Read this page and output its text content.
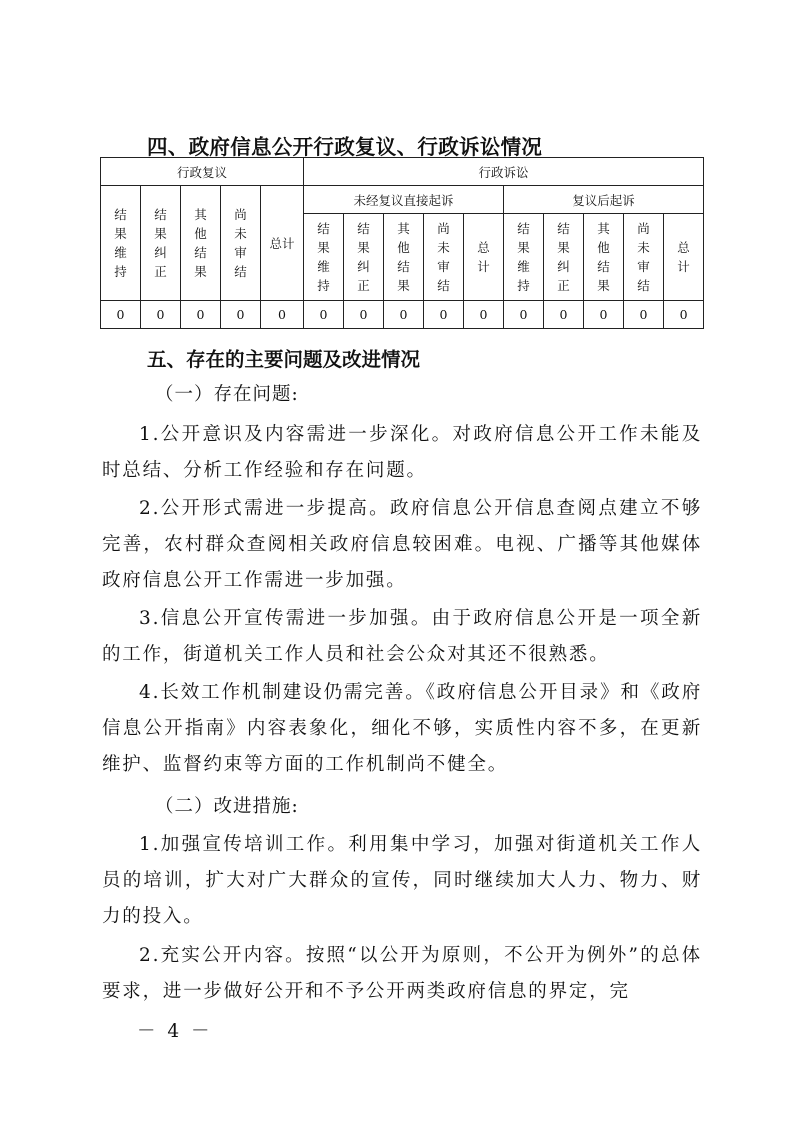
四、政府信息公开行政复议、行政诉讼情况
行政复议					行政诉讼									
结果维持	结果纠正	其他结果	尚未审结	总计	未经复议直接起诉					复议后起诉				
					结果维持	结果纠正	其他结果	尚未审结	总计	结果维持	结果纠正	其他结果	尚未审结	总计
0	0	0	0	0	0	0	0	0	0	0	0	0	0	0
五、存在的主要问题及改进情况

（一）存在问题:

1.公开意识及内容需进一步深化。对政府信息公开工作未能及时总结、分析工作经验和存在问题。

2.公开形式需进一步提高。政府信息公开信息查阅点建立不够完善，农村群众查阅相关政府信息较困难。电视、广播等其他媒体政府信息公开工作需进一步加强。

3.信息公开宣传需进一步加强。由于政府信息公开是一项全新的工作，街道机关工作人员和社会公众对其还不很熟悉。

4.长效工作机制建设仍需完善。《政府信息公开目录》和《政府信息公开指南》内容表象化，细化不够，实质性内容不多，在更新维护、监督约束等方面的工作机制尚不健全。

（二）改进措施:

1.加强宣传培训工作。利用集中学习，加强对街道机关工作人员的培训，扩大对广大群众的宣传，同时继续加大人力、物力、财力的投入。

2.充实公开内容。按照“以公开为原则，不公开为例外”的总体要求，进一步做好公开和不予公开两类政府信息的界定，完

－ 4 －
